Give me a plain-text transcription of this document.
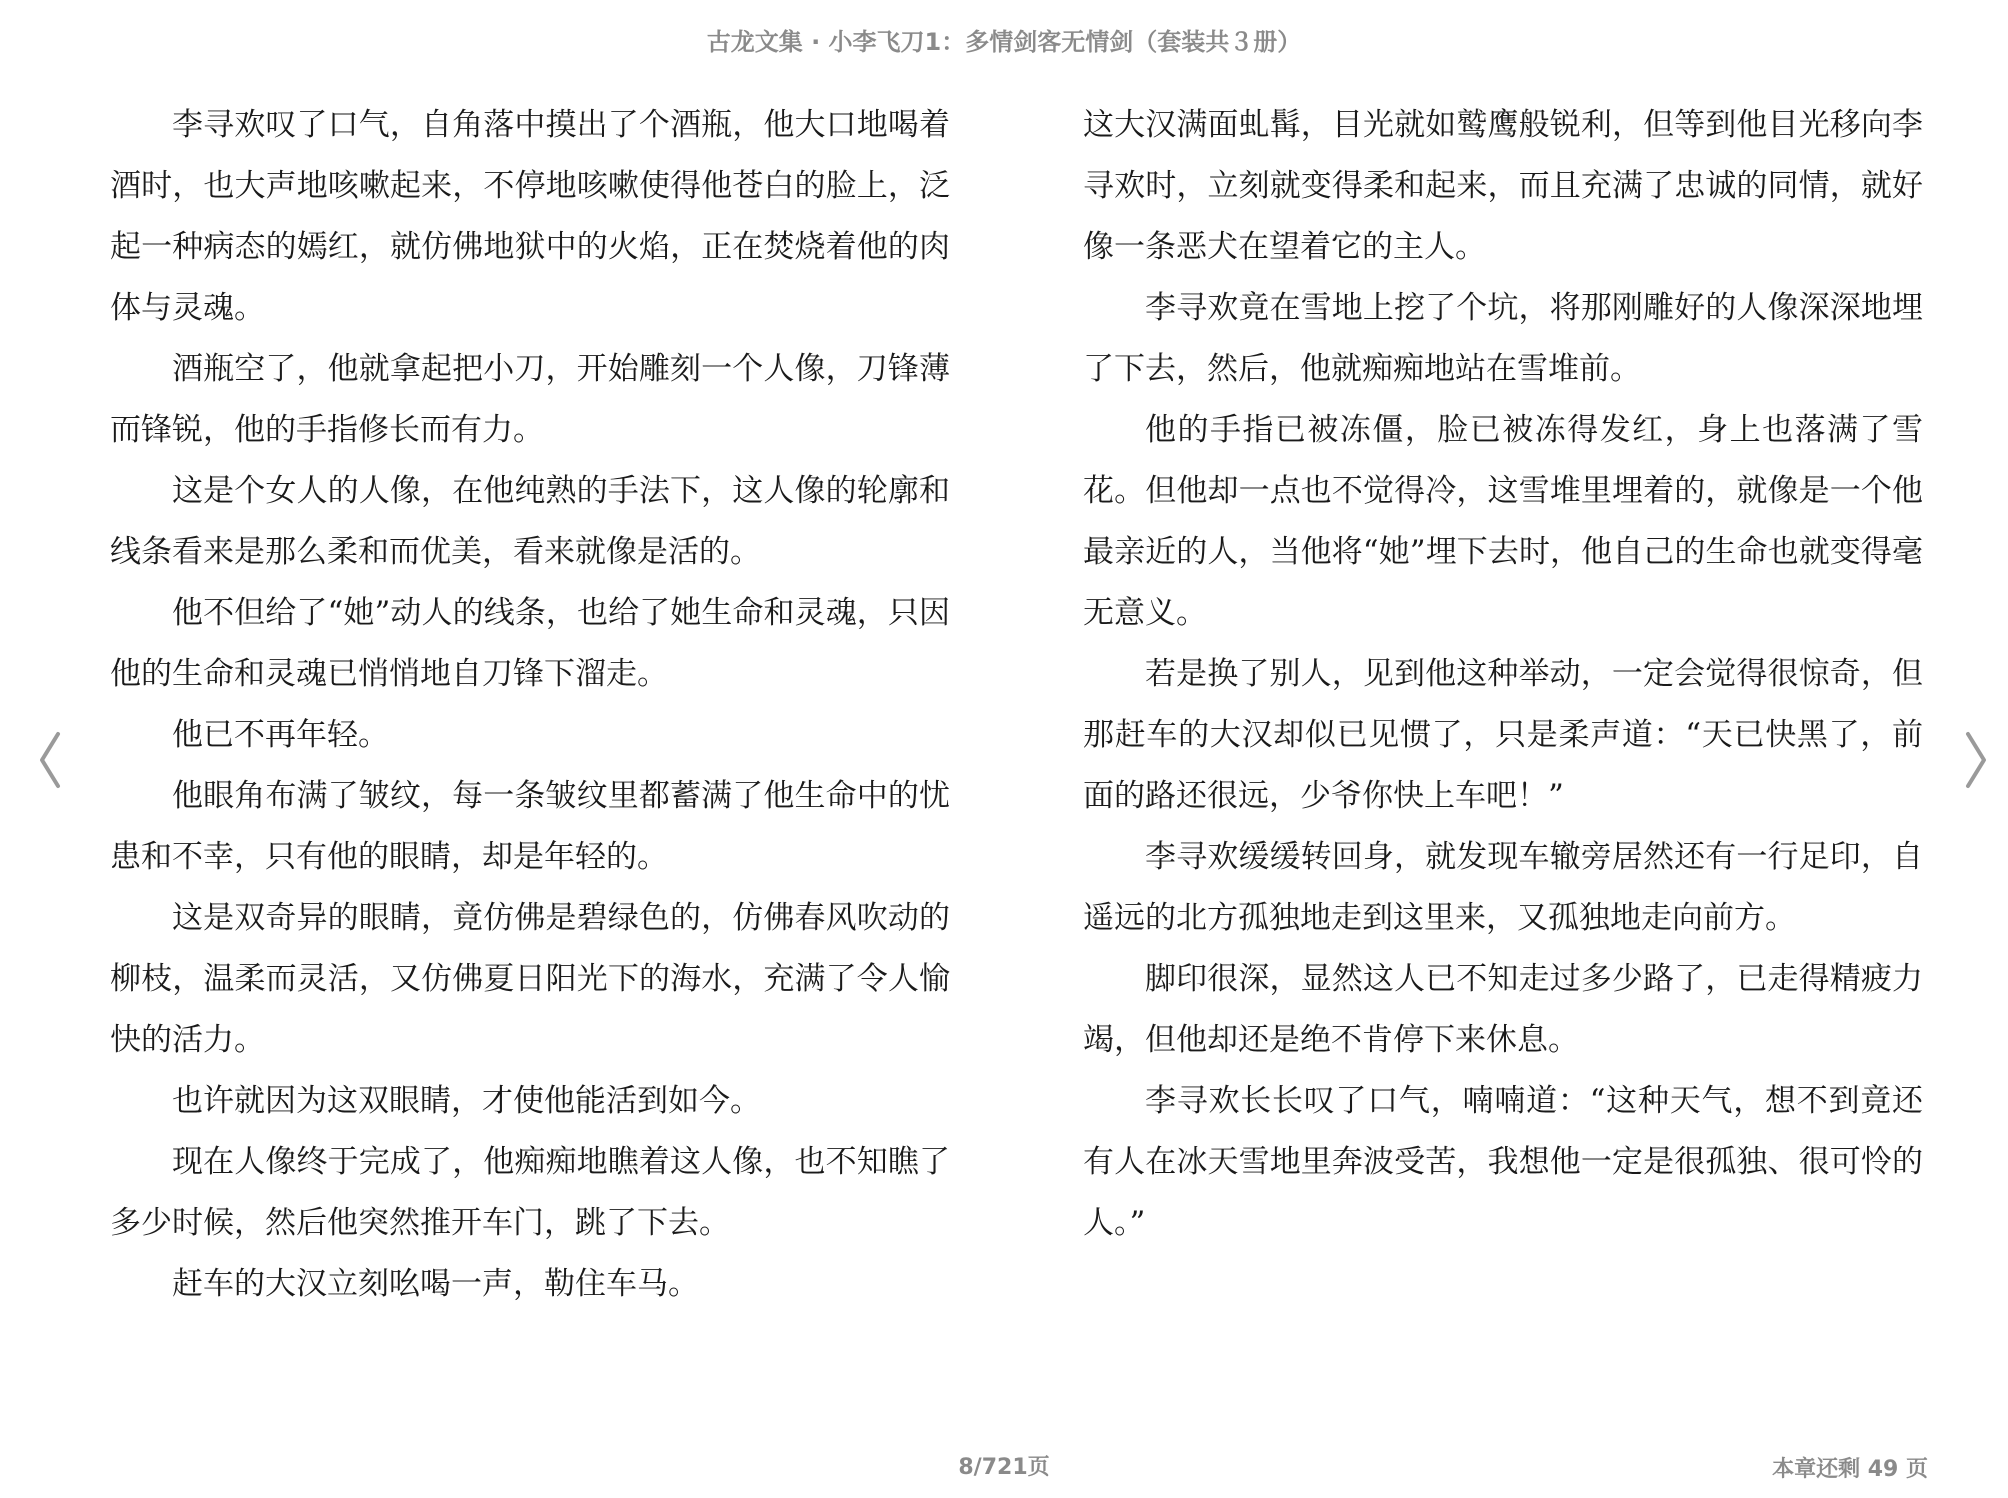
古龙文集 · 小李飞刀1：多情剑客无情剑（套装共３册）

李寻欢叹了口气，自角落中摸出了个酒瓶，他大口地喝着酒时，也大声地咳嗽起来，不停地咳嗽使得他苍白的脸上，泛起一种病态的嫣红，就仿佛地狱中的火焰，正在焚烧着他的肉体与灵魂。

酒瓶空了，他就拿起把小刀，开始雕刻一个人像，刀锋薄而锋锐，他的手指修长而有力。

这是个女人的人像，在他纯熟的手法下，这人像的轮廓和线条看来是那么柔和而优美，看来就像是活的。

他不但给了“她”动人的线条，也给了她生命和灵魂，只因他的生命和灵魂已悄悄地自刀锋下溜走。

他已不再年轻。

他眼角布满了皱纹，每一条皱纹里都蓄满了他生命中的忧患和不幸，只有他的眼睛，却是年轻的。

这是双奇异的眼睛，竟仿佛是碧绿色的，仿佛春风吹动的柳枝，温柔而灵活，又仿佛夏日阳光下的海水，充满了令人愉快的活力。

也许就因为这双眼睛，才使他能活到如今。

现在人像终于完成了，他痴痴地瞧着这人像，也不知瞧了多少时候，然后他突然推开车门，跳了下去。

赶车的大汉立刻吆喝一声，勒住车马。

这大汉满面虬髯，目光就如鹫鹰般锐利，但等到他目光移向李寻欢时，立刻就变得柔和起来，而且充满了忠诚的同情，就好像一条恶犬在望着它的主人。

李寻欢竟在雪地上挖了个坑，将那刚雕好的人像深深地埋了下去，然后，他就痴痴地站在雪堆前。

他的手指已被冻僵，脸已被冻得发红，身上也落满了雪花。但他却一点也不觉得冷，这雪堆里埋着的，就像是一个他最亲近的人，当他将“她”埋下去时，他自己的生命也就变得毫无意义。

若是换了别人，见到他这种举动，一定会觉得很惊奇，但那赶车的大汉却似已见惯了，只是柔声道：“天已快黑了，前面的路还很远，少爷你快上车吧！”

李寻欢缓缓转回身，就发现车辙旁居然还有一行足印，自遥远的北方孤独地走到这里来，又孤独地走向前方。

脚印很深，显然这人已不知走过多少路了，已走得精疲力竭，但他却还是绝不肯停下来休息。

李寻欢长长叹了口气，喃喃道：“这种天气，想不到竟还有人在冰天雪地里奔波受苦，我想他一定是很孤独、很可怜的人。”

8/721页	本章还剩 49 页
